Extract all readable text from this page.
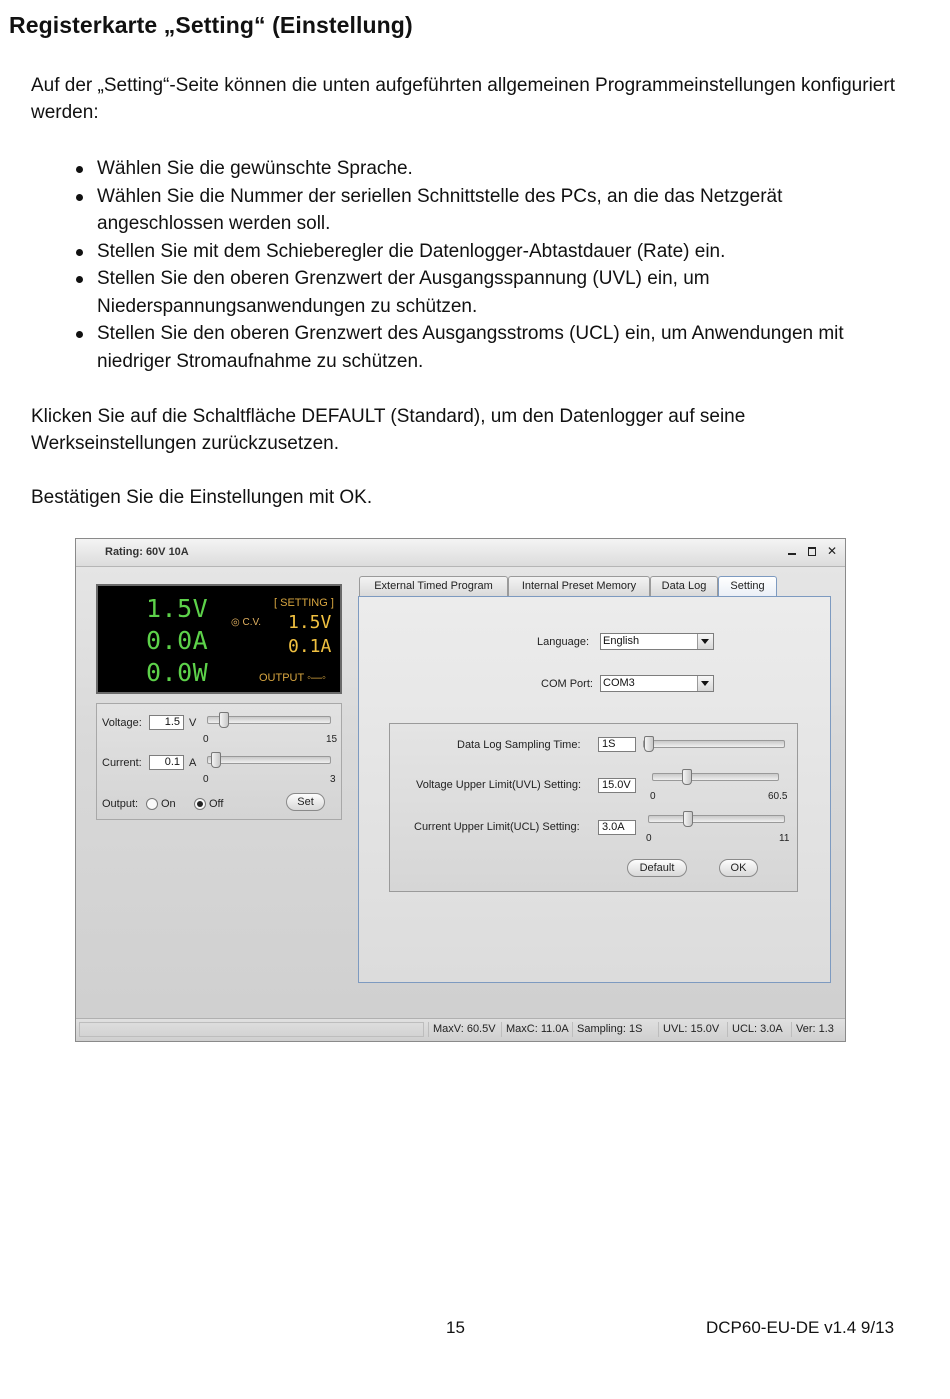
Registerkarte „Setting“ (Einstellung)
Auf der „Setting“-Seite können die unten aufgeführten allgemeinen Programmeinstellungen konfiguriert werden:
Wählen Sie die gewünschte Sprache.
Wählen Sie die Nummer der seriellen Schnittstelle des PCs, an die das Netzgerät angeschlossen werden soll.
Stellen Sie mit dem Schieberegler die Datenlogger-Abtastdauer (Rate) ein.
Stellen Sie den oberen Grenzwert der Ausgangsspannung (UVL) ein, um Niederspannungsanwendungen zu schützen.
Stellen Sie den oberen Grenzwert des Ausgangsstroms (UCL) ein, um Anwendungen mit niedriger Stromaufnahme zu schützen.
Klicken Sie auf die Schaltfläche DEFAULT (Standard), um den Datenlogger auf seine Werkseinstellungen zurückzusetzen.
Bestätigen Sie die Einstellungen mit OK.
Rating: 60V 10A	✕
1.5V
0.0A
0.0W
◎ C.V.
[ SETTING ]
1.5V
0.1A
OUTPUT ◦—◦
Voltage:	1.5 V
0	15
Current:	0.1 A
0	3
Output: On	Off	Set
External Timed Program	Internal Preset Memory	Data Log	Setting
Language: English
COM Port: COM3
Data Log Sampling Time:	1S
Voltage Upper Limit(UVL) Setting:	15.0V
0	60.5
Current Upper Limit(UCL) Setting:	3.0A
0	11
Default	OK
MaxV: 60.5V MaxC: 11.0A Sampling: 1S	UVL: 15.0V	UCL: 3.0A	Ver: 1.3
15	DCP60-EU-DE v1.4 9/13
